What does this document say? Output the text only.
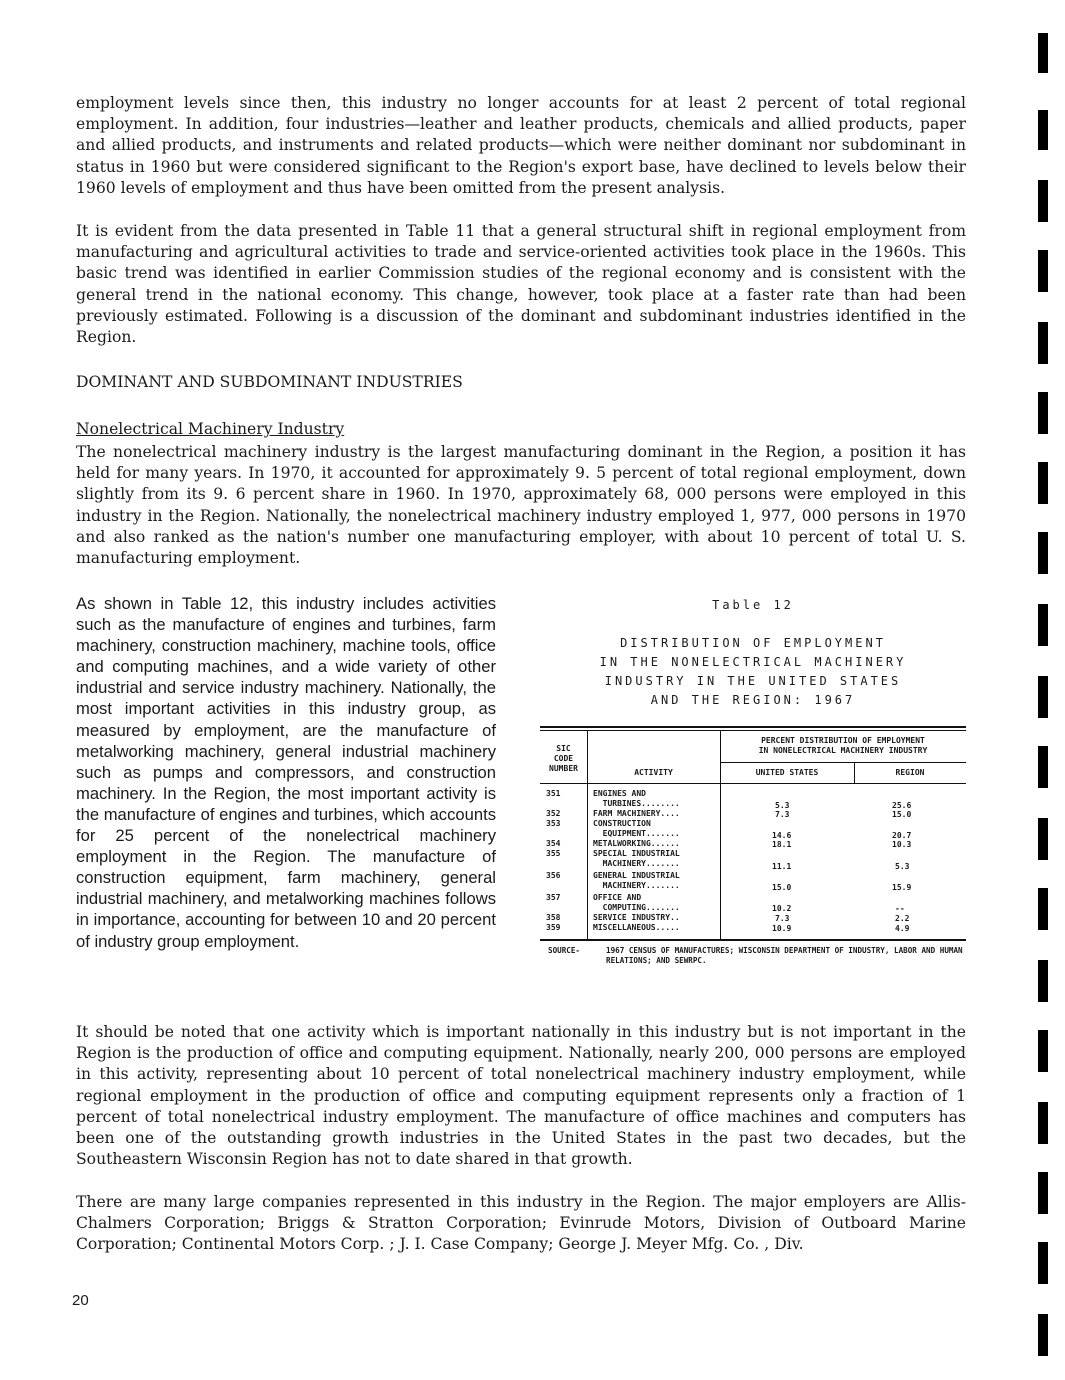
employment levels since then, this industry no longer accounts for at least 2 percent of total regional employment. In addition, four industries—leather and leather products, chemicals and allied products, paper and allied products, and instruments and related products—which were neither dominant nor subdominant in status in 1960 but were considered significant to the Region's export base, have declined to levels below their 1960 levels of employment and thus have been omitted from the present analysis.

It is evident from the data presented in Table 11 that a general structural shift in regional employment from manufacturing and agricultural activities to trade and service-oriented activities took place in the 1960s. This basic trend was identified in earlier Commission studies of the regional economy and is consistent with the general trend in the national economy. This change, however, took place at a faster rate than had been previously estimated. Following is a discussion of the dominant and subdominant industries identified in the Region.

DOMINANT AND SUBDOMINANT INDUSTRIES
Nonelectrical Machinery Industry

The nonelectrical machinery industry is the largest manufacturing dominant in the Region, a position it has held for many years. In 1970, it accounted for approximately 9. 5 percent of total regional employment, down slightly from its 9. 6 percent share in 1960. In 1970, approximately 68, 000 persons were employed in this industry in the Region. Nationally, the nonelectrical machinery industry employed 1, 977, 000 persons in 1970 and also ranked as the nation's number one manufacturing employer, with about 10 percent of total U. S. manufacturing employment.

As shown in Table 12, this industry includes activities such as the manufacture of engines and turbines, farm machinery, construction machinery, machine tools, office and computing machines, and a wide variety of other industrial and service industry machinery. Nationally, the most important activities in this industry group, as measured by employment, are the manufacture of metalworking machinery, general industrial machinery such as pumps and compressors, and construction machinery. In the Region, the most important activity is the manufacture of engines and turbines, which accounts for 25 percent of the nonelectrical machinery employment in the Region. The manufacture of construction equipment, farm machinery, general industrial machinery, and metalworking machines follows in importance, accounting for between 10 and 20 percent of industry group employment.

Table 12
DISTRIBUTION OF EMPLOYMENT
IN THE NONELECTRICAL MACHINERY
INDUSTRY IN THE UNITED STATES
AND THE REGION: 1967
SIC
CODE
NUMBER	ACTIVITY
PERCENT DISTRIBUTION OF EMPLOYMENT
IN NONELECTRICAL MACHINERY INDUSTRY
UNITED STATES	REGION
351	ENGINES AND
TURBINES........	5.3	25.6
352	FARM MACHINERY....	7.3	15.0
353	CONSTRUCTION
EQUIPMENT.......	14.6	20.7
354	METALWORKING......	18.1	10.3
355	SPECIAL INDUSTRIAL
MACHINERY.......	11.1	5.3
356	GENERAL INDUSTRIAL
MACHINERY.......	15.0	15.9
357	OFFICE AND
COMPUTING.......	10.2	--
358	SERVICE INDUSTRY..	7.3	2.2
359	MISCELLANEOUS.....	10.9	4.9
SOURCE-	1967 CENSUS OF MANUFACTURES; WISCONSIN DEPARTMENT OF INDUSTRY, LABOR AND HUMAN RELATIONS; AND SEWRPC.

It should be noted that one activity which is important nationally in this industry but is not important in the Region is the production of office and computing equipment. Nationally, nearly 200, 000 persons are employed in this activity, representing about 10 percent of total nonelectrical machinery industry employment, while regional employment in the production of office and computing equipment represents only a fraction of 1 percent of total nonelectrical industry employment. The manufacture of office machines and computers has been one of the outstanding growth industries in the United States in the past two decades, but the Southeastern Wisconsin Region has not to date shared in that growth.

There are many large companies represented in this industry in the Region. The major employers are Allis-Chalmers Corporation; Briggs & Stratton Corporation; Evinrude Motors, Division of Outboard Marine Corporation; Continental Motors Corp. ; J. I. Case Company; George J. Meyer Mfg. Co. , Div.

20
